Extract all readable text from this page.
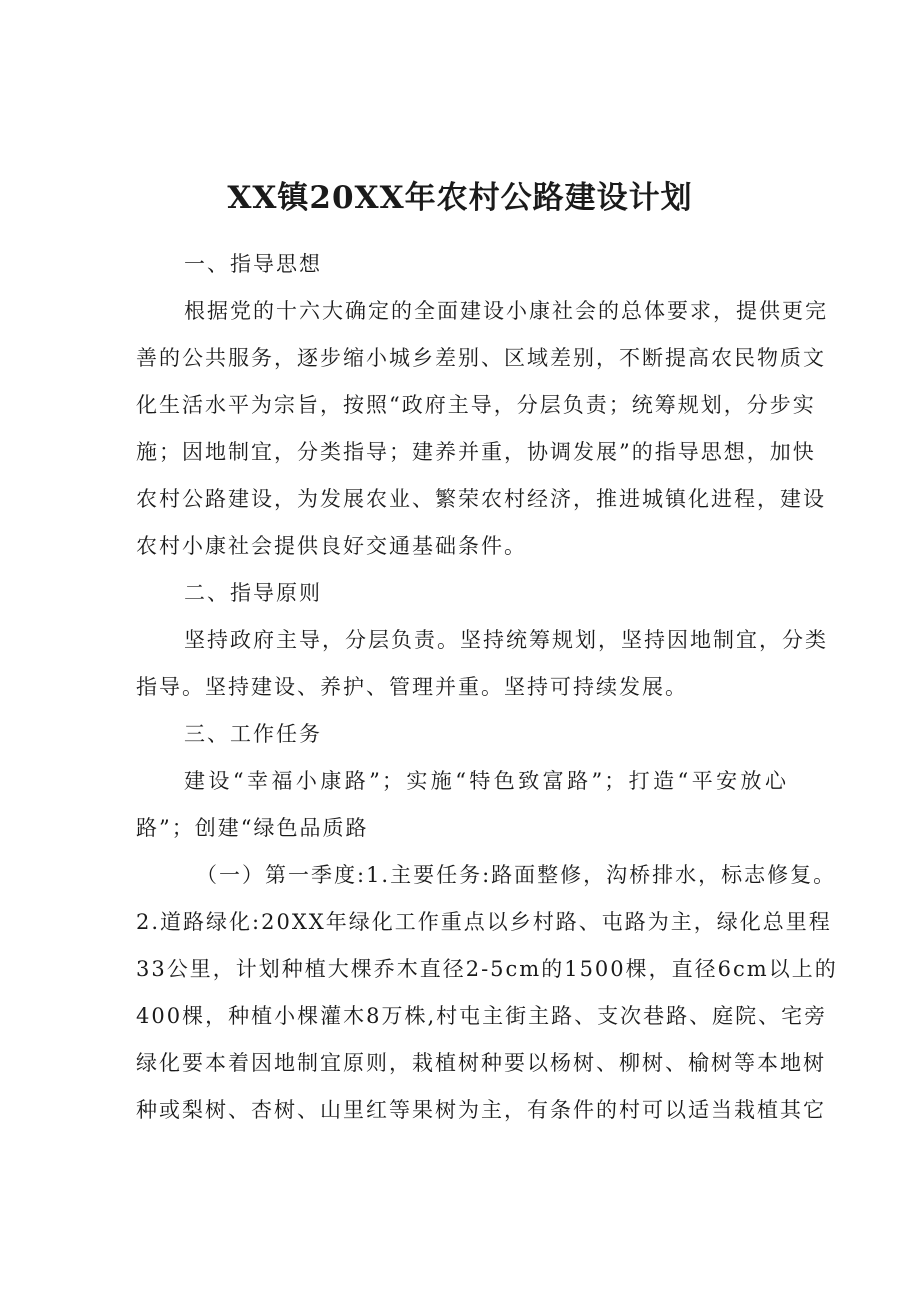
XX镇20XX年农村公路建设计划
一、指导思想
根据党的十六大确定的全面建设小康社会的总体要求，提供更完
善的公共服务，逐步缩小城乡差别、区域差别，不断提高农民物质文
化生活水平为宗旨，按照“政府主导，分层负责；统筹规划，分步实
施；因地制宜，分类指导；建养并重，协调发展”的指导思想，加快
农村公路建设，为发展农业、繁荣农村经济，推进城镇化进程，建设
农村小康社会提供良好交通基础条件。
二、指导原则
坚持政府主导，分层负责。坚持统筹规划，坚持因地制宜，分类
指导。坚持建设、养护、管理并重。坚持可持续发展。
三、工作任务
建设“幸福小康路”；实施“特色致富路”；打造“平安放心
路”；创建“绿色品质路
（一）第一季度:1.主要任务:路面整修，沟桥排水，标志修复。
2.道路绿化:20XX年绿化工作重点以乡村路、屯路为主，绿化总里程
33公里，计划种植大棵乔木直径2-5cm的1500棵，直径6cm以上的
400棵，种植小棵灌木8万株,村屯主街主路、支次巷路、庭院、宅旁
绿化要本着因地制宜原则，栽植树种要以杨树、柳树、榆树等本地树
种或梨树、杏树、山里红等果树为主，有条件的村可以适当栽植其它
